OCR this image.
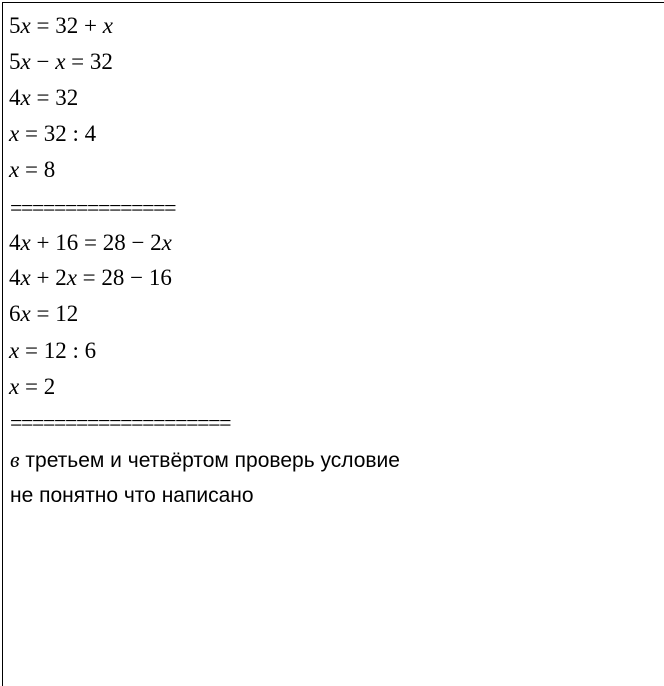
5x = 32 + x
5x − x = 32
4x = 32
x = 32 : 4
x = 8
===============
4x + 16 = 28 − 2x
4x + 2x = 28 − 16
6x = 12
x = 12 : 6
x = 2
====================
в третьем и четвёртом проверь условие
не понятно что написано
